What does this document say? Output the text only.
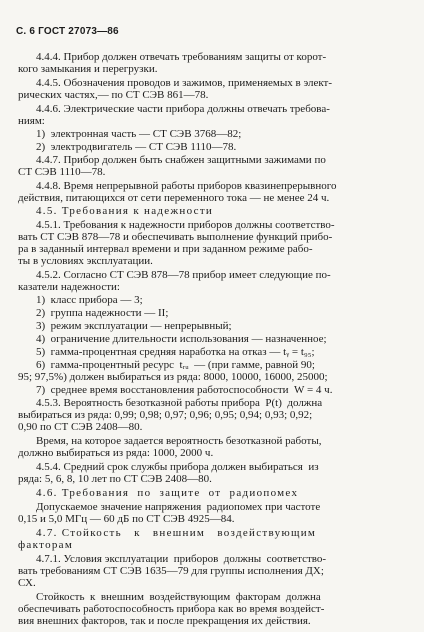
С. 6 ГОСТ 27073—86
4.4.4. Прибор должен отвечать требованиям защиты от корот-
кого замыкания и перегрузки.
4.4.5. Обозначения проводов и зажимов, применяемых в элект-
рических частях,— по СТ СЭВ 861—78.
4.4.6. Электрические части прибора должны отвечать требова-
ниям:
1)  электронная часть — СТ СЭВ 3768—82;
2)  электродвигатель — СТ СЭВ 1110—78.
4.4.7. Прибор должен быть снабжен защитными зажимами по
СТ СЭВ 1110—78.
4.4.8. Время непрерывной работы приборов квазинепрерывного
действия, питающихся от сети переменного тока — не менее 24 ч.
4.5. Требования к надежности
4.5.1. Требования к надежности приборов должны соответство-
вать СТ СЭВ 878—78 и обеспечивать выполнение функций прибо-
ра в заданный интервал времени и при заданном режиме рабо-
ты в условиях эксплуатации.
4.5.2. Согласно СТ СЭВ 878—78 прибор имеет следующие по-
казатели надежности:
1)  класс прибора — 3;
2)  группа надежности — II;
3)  режим эксплуатации — непрерывный;
4)  ограничение длительности использования — назначенное;
5)  гамма-процентная средняя наработка на отказ — tᵧ = t₉₅;
6)  гамма-процентный ресурс  tᵣᵤ  — (при гамме, равной 90;
95; 97,5%) должен выбираться из ряда: 8000, 10000, 16000, 25000;
7)  среднее время восстановления работоспособности  W = 4 ч.
4.5.3. Вероятность безотказной работы прибора  P(t)  должна
выбираться из ряда: 0,99; 0,98; 0,97; 0,96; 0,95; 0,94; 0,93; 0,92;
0,90 по СТ СЭВ 2408—80.
Время, на которое задается вероятность безотказной работы,
должно выбираться из ряда: 1000, 2000 ч.
4.5.4. Средний срок службы прибора должен выбираться  из
ряда: 5, 6, 8, 10 лет по СТ СЭВ 2408—80.
4.6. Требования  по  защите  от  радиопомех
Допускаемое значение напряжения  радиопомех при частоте
0,15 и 5,0 МГц — 60 дБ по СТ СЭВ 4925—84.
4.7. Стойкость   к   внешним   воздействующим
факторам
4.7.1. Условия эксплуатации  приборов  должны  соответство-
вать требованиям СТ СЭВ 1635—79 для группы исполнения ДХ;
СХ.
Стойкость  к  внешним  воздействующим  факторам  должна
обеспечивать работоспособность прибора как во время воздейст-
вия внешних факторов, так и после прекращения их действия.
